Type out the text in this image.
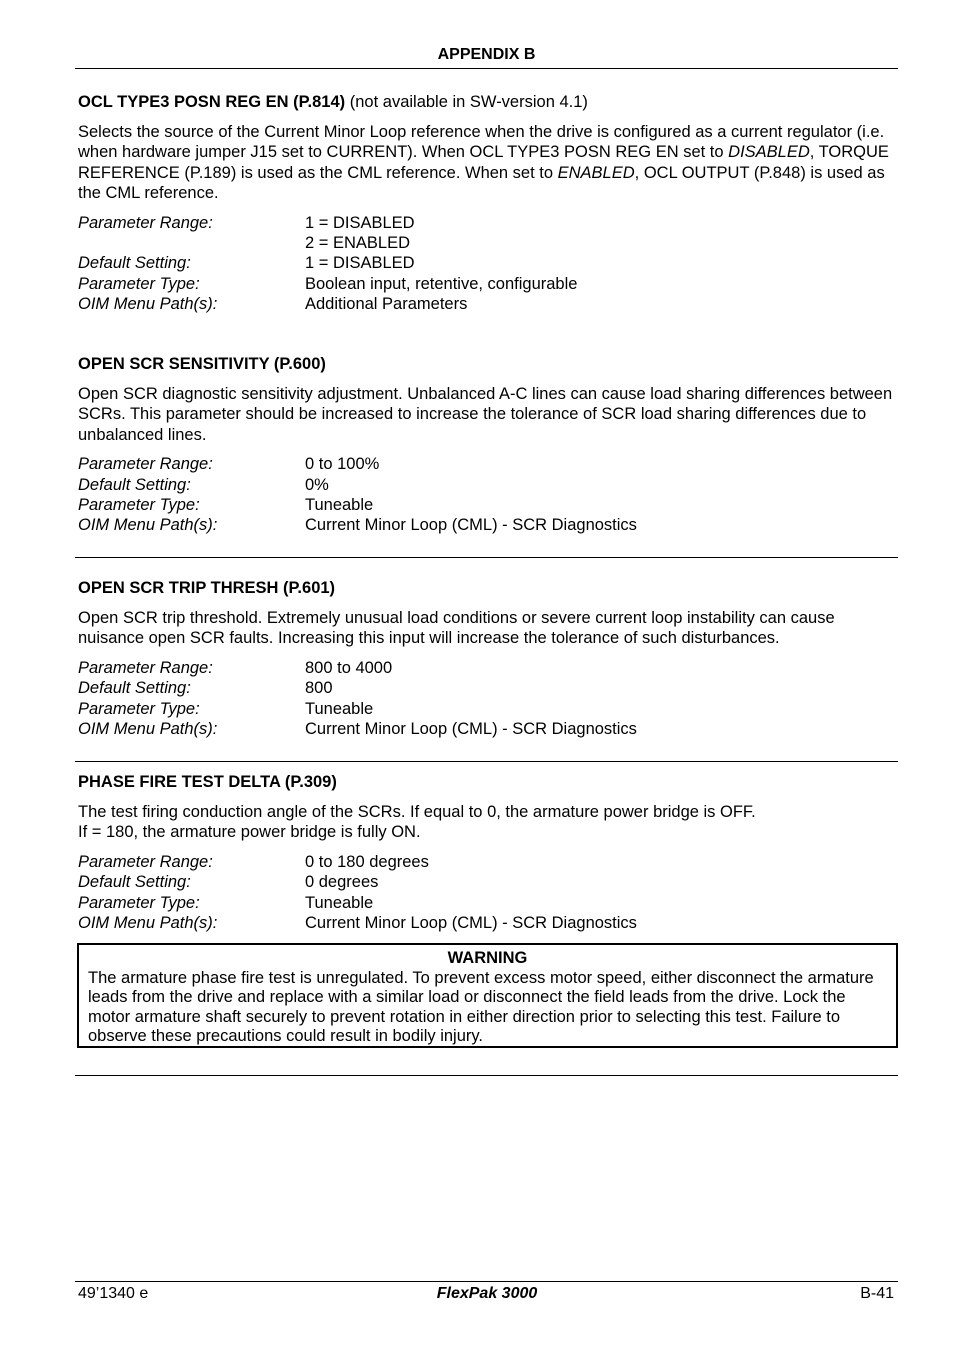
APPENDIX B
OCL TYPE3 POSN REG EN (P.814) (not available in SW-version 4.1)
Selects the source of the Current Minor Loop reference when the drive is configured as a current regulator (i.e. when hardware jumper J15 set to CURRENT). When OCL TYPE3 POSN REG EN set to DISABLED, TORQUE REFERENCE (P.189) is used as the CML reference. When set to ENABLED, OCL OUTPUT (P.848) is used as the CML reference.
Parameter Range:	1 = DISABLED
2 = ENABLED
Default Setting:	1 = DISABLED
Parameter Type:	Boolean input, retentive, configurable
OIM Menu Path(s):	Additional Parameters
OPEN SCR SENSITIVITY (P.600)
Open SCR diagnostic sensitivity adjustment. Unbalanced A-C lines can cause load sharing differences between SCRs. This parameter should be increased to increase the tolerance of SCR load sharing differences due to unbalanced lines.
Parameter Range:	0 to 100%
Default Setting:	0%
Parameter Type:	Tuneable
OIM Menu Path(s):	Current Minor Loop (CML) - SCR Diagnostics
OPEN SCR TRIP THRESH (P.601)
Open SCR trip threshold. Extremely unusual load conditions or severe current loop instability can cause nuisance open SCR faults. Increasing this input will increase the tolerance of such disturbances.
Parameter Range:	800 to 4000
Default Setting:	800
Parameter Type:	Tuneable
OIM Menu Path(s):	Current Minor Loop (CML) - SCR Diagnostics
PHASE FIRE TEST DELTA (P.309)
The test firing conduction angle of the SCRs. If equal to 0, the armature power bridge is OFF.
If = 180, the armature power bridge is fully ON.
Parameter Range:	0 to 180 degrees
Default Setting:	0 degrees
Parameter Type:	Tuneable
OIM Menu Path(s):	Current Minor Loop (CML) - SCR Diagnostics
WARNING
The armature phase fire test is unregulated. To prevent excess motor speed, either disconnect the armature leads from the drive and replace with a similar load or disconnect the field leads from the drive. Lock the motor armature shaft securely to prevent rotation in either direction prior to selecting this test. Failure to observe these precautions could result in bodily injury.
49’1340 e	FlexPak 3000	B-41
